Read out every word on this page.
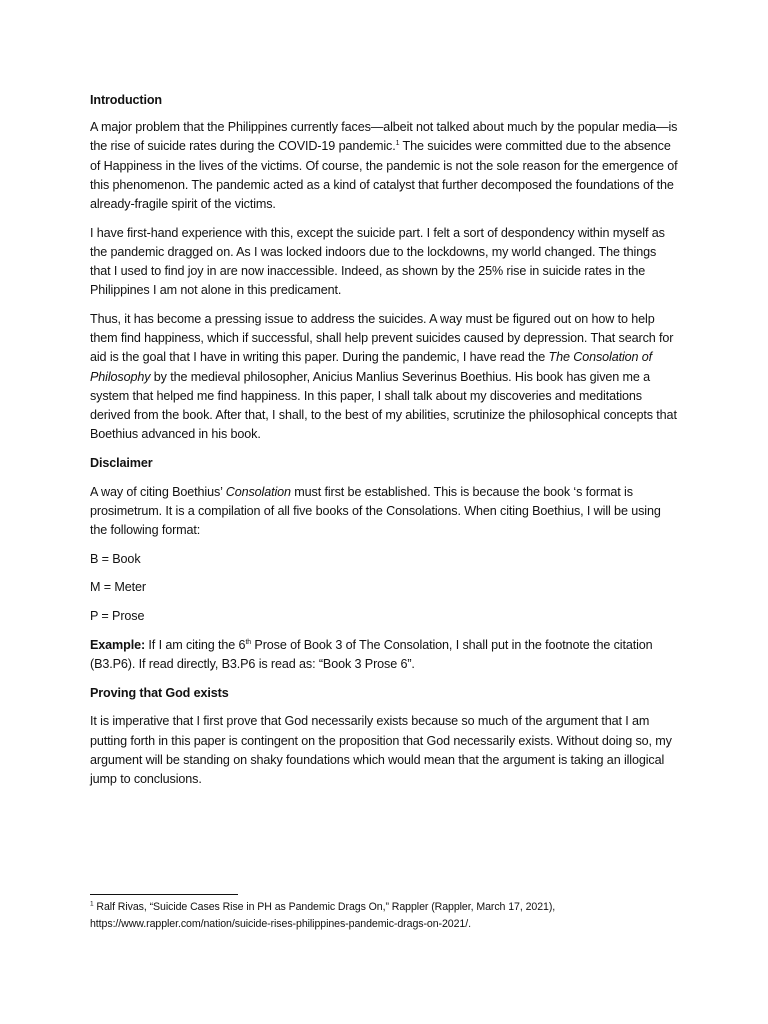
Introduction

A major problem that the Philippines currently faces—albeit not talked about much by the popular media—is the rise of suicide rates during the COVID-19 pandemic.$^1$ The suicides were committed due to the absence of Happiness in the lives of the victims. Of course, the pandemic is not the sole reason for the emergence of this phenomenon. The pandemic acted as a kind of catalyst that further decomposed the foundations of the already-fragile spirit of the victims.

I have first-hand experience with this, except the suicide part. I felt a sort of despondency within myself as the pandemic dragged on. As I was locked indoors due to the lockdowns, my world changed. The things that I used to find joy in are now inaccessible. Indeed, as shown by the 25% rise in suicide rates in the Philippines I am not alone in this predicament.

Thus, it has become a pressing issue to address the suicides. A way must be figured out on how to help them find happiness, which if successful, shall help prevent suicides caused by depression. That search for aid is the goal that I have in writing this paper. During the pandemic, I have read the The Consolation of Philosophy by the medieval philosopher, Anicius Manlius Severinus Boethius. His book has given me a system that helped me find happiness. In this paper, I shall talk about my discoveries and meditations derived from the book. After that, I shall, to the best of my abilities, scrutinize the philosophical concepts that Boethius advanced in his book.

Disclaimer

A way of citing Boethius’ Consolation must first be established. This is because the book ‘s format is prosimetrum. It is a compilation of all five books of the Consolations. When citing Boethius, I will be using the following format:

B = Book

M = Meter

P = Prose

Example: If I am citing the 6th Prose of Book 3 of The Consolation, I shall put in the footnote the citation (B3.P6). If read directly, B3.P6 is read as: “Book 3 Prose 6”.

Proving that God exists

It is imperative that I first prove that God necessarily exists because so much of the argument that I am putting forth in this paper is contingent on the proposition that God necessarily exists. Without doing so, my argument will be standing on shaky foundations which would mean that the argument is taking an illogical jump to conclusions.

$^1$ Ralf Rivas, “Suicide Cases Rise in PH as Pandemic Drags On,” Rappler (Rappler, March 17, 2021), https://www.rappler.com/nation/suicide-rises-philippines-pandemic-drags-on-2021/.
